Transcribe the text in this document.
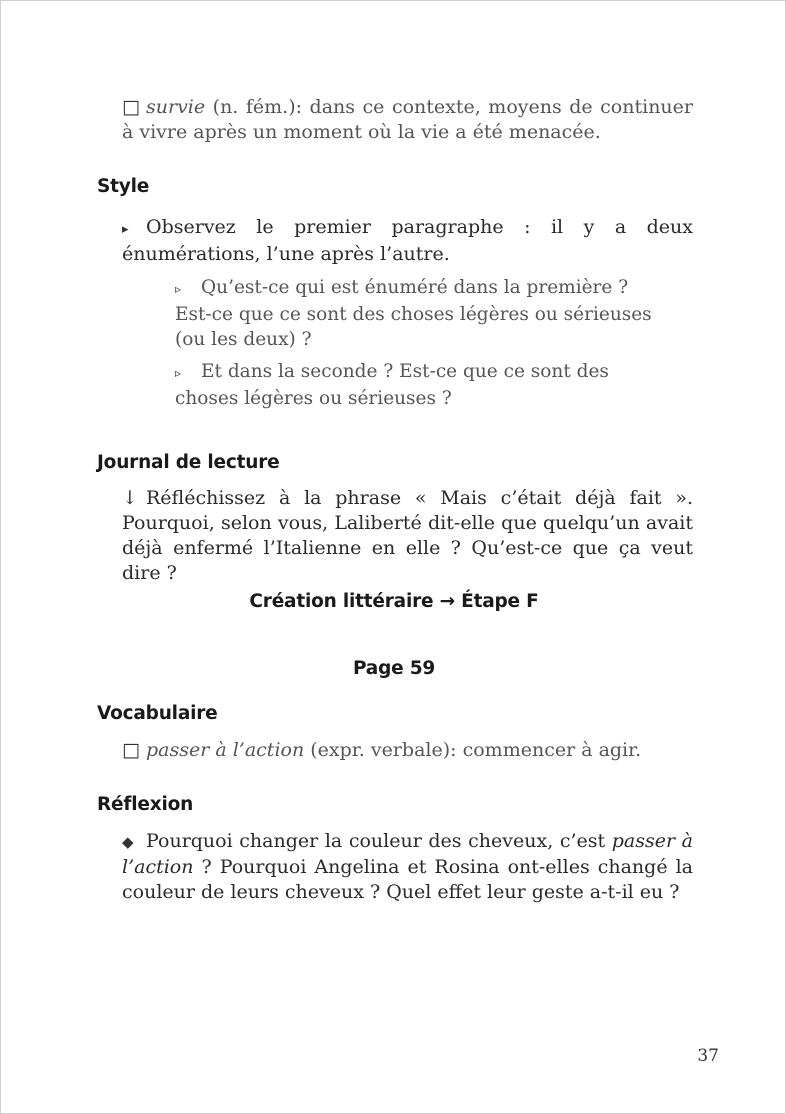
□ survie (n. fém.): dans ce contexte, moyens de continuer à vivre après un moment où la vie a été menacée.
Style
▸ Observez le premier paragraphe : il y a deux énumérations, l’une après l’autre.
▹ Qu’est-ce qui est énuméré dans la première ? Est-ce que ce sont des choses légères ou sérieuses (ou les deux) ?
▹ Et dans la seconde ? Est-ce que ce sont des choses légères ou sérieuses ?
Journal de lecture
↓ Réfléchissez à la phrase « Mais c’était déjà fait ». Pourquoi, selon vous, Laliberté dit-elle que quelqu’un avait déjà enfermé l’Italienne en elle ? Qu’est-ce que ça veut dire ?
Création littéraire → Étape F
Page 59
Vocabulaire
□ passer à l’action (expr. verbale): commencer à agir.
Réflexion
◆ Pourquoi changer la couleur des cheveux, c’est passer à l’action ? Pourquoi Angelina et Rosina ont-elles changé la couleur de leurs cheveux ? Quel effet leur geste a-t-il eu ?
37
